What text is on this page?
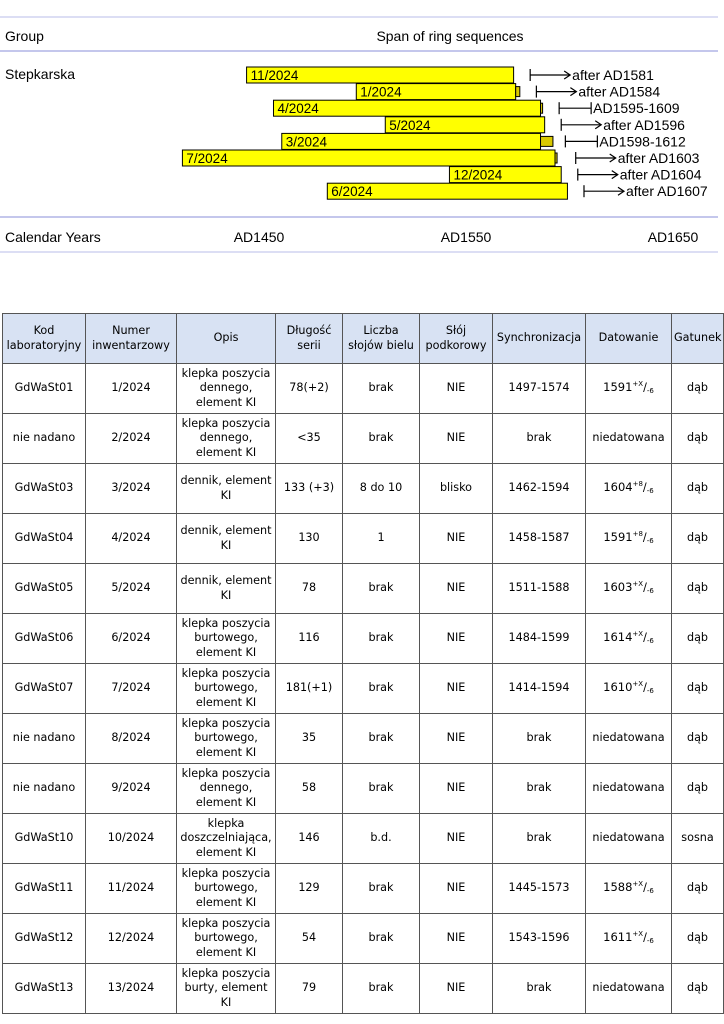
Group	Span of ring sequences
Stepkarska	11/2024	after AD1581
1/2024	after AD1584
4/2024	AD1595-1609
5/2024	after AD1596
3/2024	AD1598-1612
7/2024	after AD1603
12/2024	after AD1604
6/2024	after AD1607
Calendar Years	AD1450	AD1550	AD1650
Kod laboratoryjny	Numer inwentarzowy	Opis	Długość serii	Liczba słojów bielu	Słój podkorowy	Synchronizacja	Datowanie	Gatunek
GdWaSt01	1/2024	klepka poszycia dennego, element KI	78(+2)	brak	NIE	1497-1574	$1591^{+X}/_{-6}$	dąb
nie nadano	2/2024	klepka poszycia dennego, element KI	<35	brak	NIE	brak	niedatowana	dąb
GdWaSt03	3/2024	dennik, element KI	133 (+3)	8 do 10	blisko	1462-1594	$1604^{+8}/_{-6}$	dąb
GdWaSt04	4/2024	dennik, element KI	130	1	NIE	1458-1587	$1591^{+8}/_{-6}$	dąb
GdWaSt05	5/2024	dennik, element KI	78	brak	NIE	1511-1588	$1603^{+X}/_{-6}$	dąb
GdWaSt06	6/2024	klepka poszycia burtowego, element KI	116	brak	NIE	1484-1599	$1614^{+X}/_{-6}$	dąb
GdWaSt07	7/2024	klepka poszycia burtowego, element KI	181(+1)	brak	NIE	1414-1594	$1610^{+X}/_{-6}$	dąb
nie nadano	8/2024	klepka poszycia burtowego, element KI	35	brak	NIE	brak	niedatowana	dąb
nie nadano	9/2024	klepka poszycia dennego, element KI	58	brak	NIE	brak	niedatowana	dąb
GdWaSt10	10/2024	klepka doszczelniająca, element KI	146	b.d.	NIE	brak	niedatowana	sosna
GdWaSt11	11/2024	klepka poszycia burtowego, element KI	129	brak	NIE	1445-1573	$1588^{+X}/_{-6}$	dąb
GdWaSt12	12/2024	klepka poszycia burtowego, element KI	54	brak	NIE	1543-1596	$1611^{+X}/_{-6}$	dąb
GdWaSt13	13/2024	klepka poszycia burty, element KI	79	brak	NIE	brak	niedatowana	dąb
